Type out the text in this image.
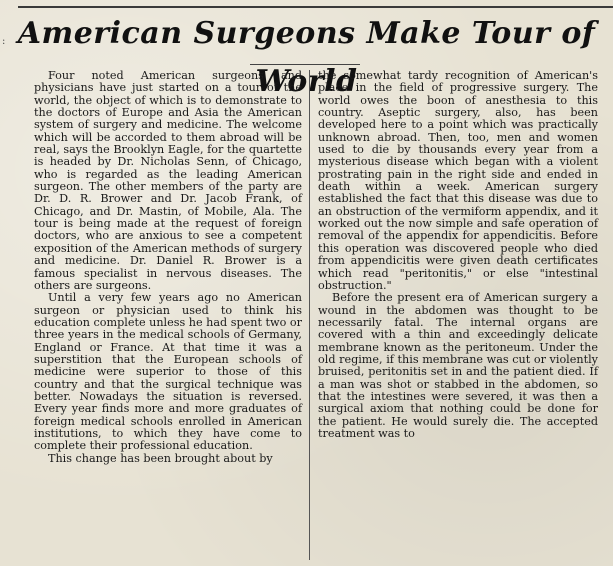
: American Surgeons Make Tour of World

Four noted American surgeons and physicians have just started on a tour of the world, the object of which is to demonstrate to the doctors of Europe and Asia the American system of surgery and medicine. The welcome which will be accorded to them abroad will be real, says the Brooklyn Eagle, for the quartette is headed by Dr. Nicholas Senn, of Chicago, who is regarded as the leading American surgeon. The other members of the party are Dr. D. R. Brower and Dr. Jacob Frank, of Chicago, and Dr. Mastin, of Mobile, Ala. The tour is being made at the request of foreign doctors, who are anxious to see a competent exposition of the American methods of surgery and medicine. Dr. Daniel R. Brower is a famous specialist in nervous diseases. The others are surgeons.

Until a very few years ago no American surgeon or physician used to think his education complete unless he had spent two or three years in the medical schools of Germany, England or France. At that time it was a superstition that the European schools of medicine were superior to those of this country and that the surgical technique was better. Nowadays the situation is reversed. Every year finds more and more graduates of foreign medical schools enrolled in American institutions, to which they have come to complete their professional education.

This change has been brought about by

the somewhat tardy recognition of American's place in the field of progressive surgery. The world owes the boon of anesthesia to this country. Aseptic surgery, also, has been developed here to a point which was practically unknown abroad. Then, too, men and women used to die by thousands every year from a mysterious disease which began with a violent prostrating pain in the right side and ended in death within a week. American surgery established the fact that this disease was due to an obstruction of the vermiform appendix, and it worked out the now simple and safe operation of removal of the appendix for appendicitis. Before this operation was discovered people who died from appendicitis were given death certificates which read "peritonitis," or else "intestinal obstruction."

Before the present era of American surgery a wound in the abdomen was thought to be necessarily fatal. The internal organs are covered with a thin and exceedingly delicate membrane known as the peritoneum. Under the old regime, if this membrane was cut or violently bruised, peritonitis set in and the patient died. If a man was shot or stabbed in the abdomen, so that the intestines were severed, it was then a surgical axiom that nothing could be done for the patient. He would surely die. The accepted treatment was to
